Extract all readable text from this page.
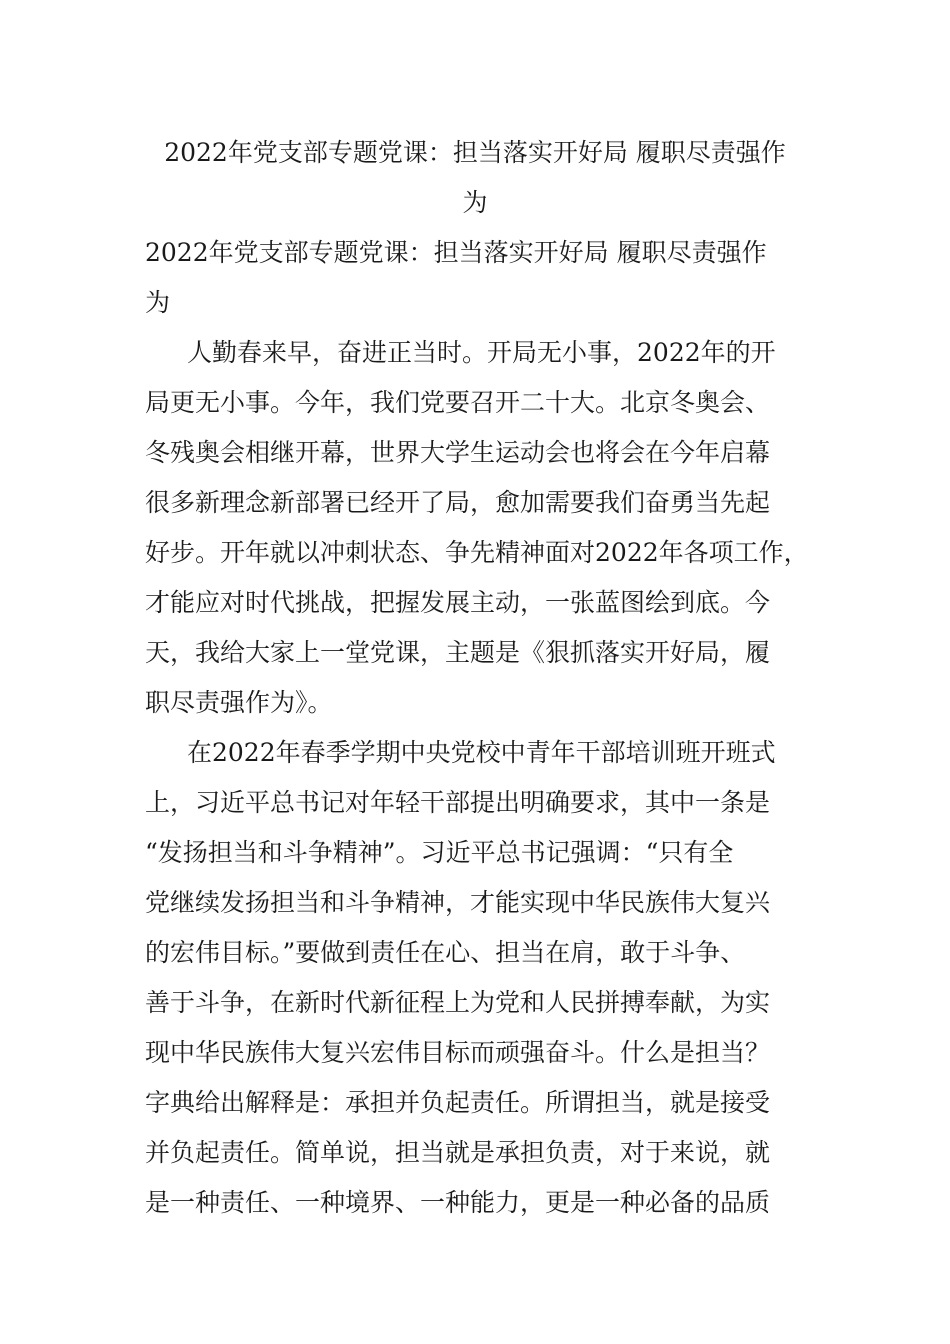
2022年党支部专题党课：担当落实开好局 履职尽责强作
为
2022年党支部专题党课：担当落实开好局 履职尽责强作
为
人勤春来早，奋进正当时。开局无小事，2022年的开
局更无小事。今年，我们党要召开二十大。北京冬奥会、
冬残奥会相继开幕，世界大学生运动会也将会在今年启幕
很多新理念新部署已经开了局，愈加需要我们奋勇当先起
好步。开年就以冲刺状态、争先精神面对2022年各项工作，
才能应对时代挑战，把握发展主动，一张蓝图绘到底。今
天，我给大家上一堂党课，主题是《狠抓落实开好局，履
职尽责强作为》。
在2022年春季学期中央党校中青年干部培训班开班式
上，习近平总书记对年轻干部提出明确要求，其中一条是
“发扬担当和斗争精神”。习近平总书记强调：“只有全
党继续发扬担当和斗争精神，才能实现中华民族伟大复兴
的宏伟目标。”要做到责任在心、担当在肩，敢于斗争、
善于斗争，在新时代新征程上为党和人民拼搏奉献，为实
现中华民族伟大复兴宏伟目标而顽强奋斗。什么是担当？
字典给出解释是：承担并负起责任。所谓担当，就是接受
并负起责任。简单说，担当就是承担负责，对于来说，就
是一种责任、一种境界、一种能力，更是一种必备的品质
